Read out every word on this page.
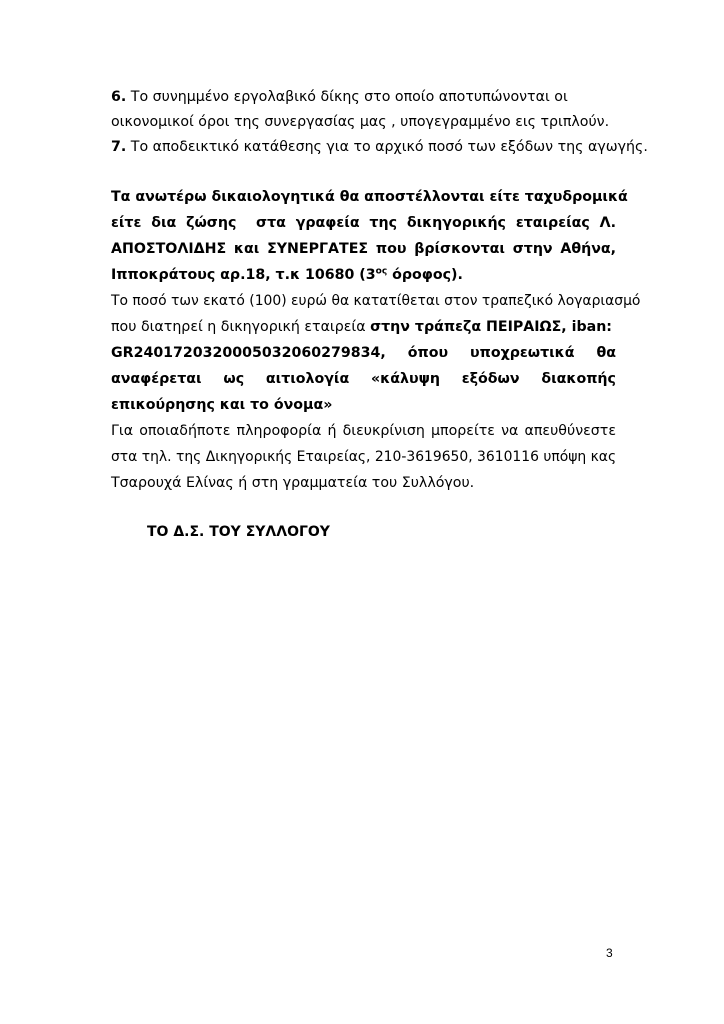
6. Το συνημμένο εργολαβικό δίκης στο οποίο αποτυπώνονται οι
οικονομικοί όροι της συνεργασίας μας , υπογεγραμμένο εις τριπλούν.
7. Το αποδεικτικό κατάθεσης για το αρχικό ποσό των εξόδων της αγωγής.
Τα ανωτέρω δικαιολογητικά θα αποστέλλονται είτε ταχυδρομικά
είτε δια ζώσης  στα γραφεία της δικηγορικής εταιρείας Λ.
ΑΠΟΣΤΟΛΙΔΗΣ και ΣΥΝΕΡΓΑΤΕΣ που βρίσκονται στην Αθήνα,
Ιπποκράτους αρ.18, τ.κ 10680 ($3^{o\varsigma}$ όροφος).
Το ποσό των εκατό (100) ευρώ θα κατατίθεται στον τραπεζικό λογαριασμό
που διατηρεί η δικηγορική εταιρεία στην τράπεζα ΠΕΙΡΑΙΩΣ, iban:
GR2401720320005032060279834, όπου υποχρεωτικά θα
αναφέρεται ως αιτιολογία «κάλυψη εξόδων διακοπής
επικούρησης και το όνομα»
Για οποιαδήποτε πληροφορία ή διευκρίνιση μπορείτε να απευθύνεστε
στα τηλ. της Δικηγορικής Εταιρείας, 210-3619650, 3610116 υπόψη κας
Τσαρουχά Ελίνας ή στη γραμματεία του Συλλόγου.
ΤΟ Δ.Σ. ΤΟΥ ΣΥΛΛΟΓΟΥ
3
